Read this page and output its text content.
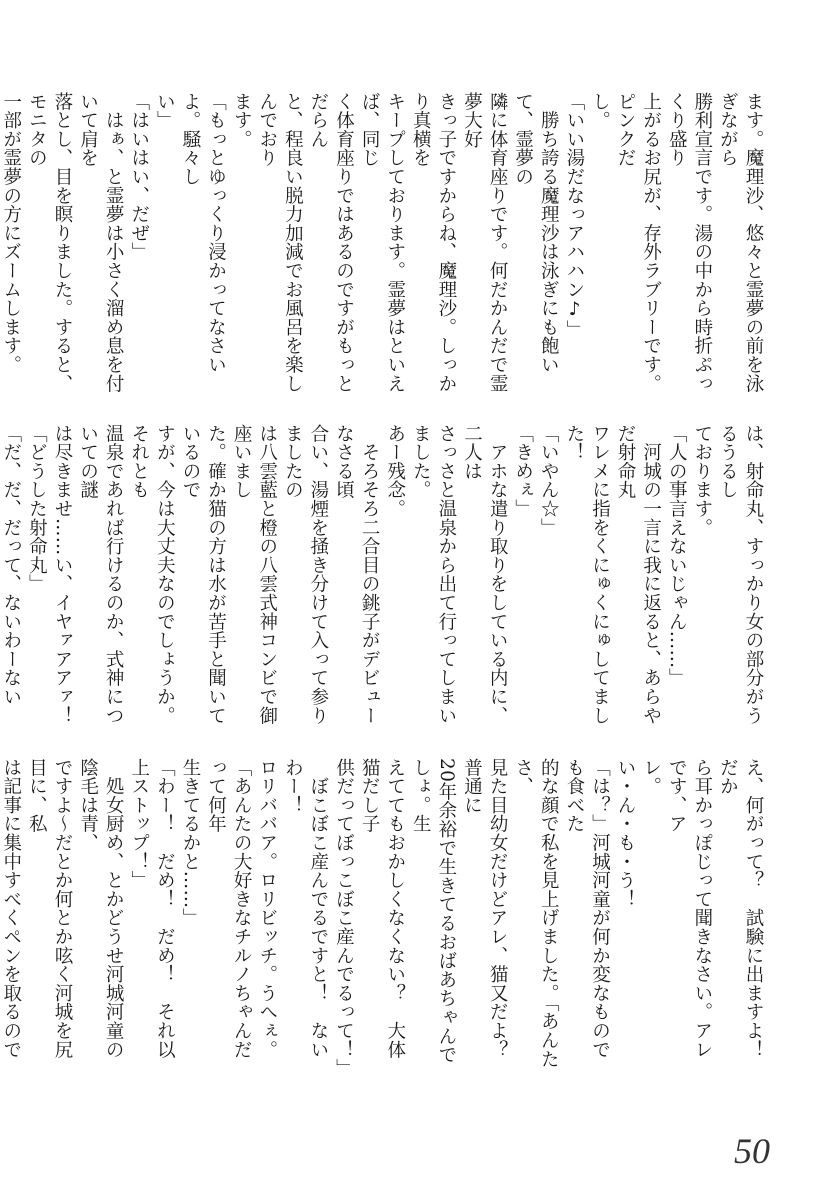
ます。魔理沙、悠々と霊夢の前を泳ぎながら

勝利宣言です。湯の中から時折ぷっくり盛り

上がるお尻が、存外ラブリーです。ピンクだ

し。

「いい湯だなっアハハン♪」

　勝ち誇る魔理沙は泳ぎにも飽いて、霊夢の

隣に体育座りです。何だかんだで霊夢大好

きっ子ですからね、魔理沙。しっかり真横を

キープしております。霊夢はといえば、同じ

く体育座りではあるのですがもっとだらん

と、程良い脱力加減でお風呂を楽しんでおり

ます。

「もっとゆっくり浸かってなさいよ。騒々し

い」

「はいはい、だぜ」

　はぁ、と霊夢は小さく溜め息を付いて肩を

落とし、目を瞑りました。すると、モニタの

一部が霊夢の方にズームします。

は、射命丸、すっかり女の部分がうるうるし

ております。

「人の事言えないじゃん……」

　河城の一言に我に返ると、あらやだ射命丸

ワレメに指をくにゅくにゅしてました！

「いやん☆」

「きめぇ」

　アホな遣り取りをしている内に、二人は

さっさと温泉から出て行ってしまいました。

あー残念。

　そろそろ二合目の銚子がデビューなさる頃

合い、湯煙を掻き分けて入って参りましたの

は八雲藍と橙の八雲式神コンビで御座いまし

た。確か猫の方は水が苦手と聞いているので

すが、今は大丈夫なのでしょうか。それとも

温泉であれば行けるのか、式神についての謎

は尽きませ……い、イヤァアアァ！

「どうした射命丸」

「だ、だ、だって、ないわーない

え、何がって？　試験に出ますよ！　だか

ら耳かっぽじって聞きなさい。アレです、ア

レ。

い・ん・も・う！

「は？」河城河童が何か変なものでも食べた

的な顔で私を見上げました。「あんたさ、

見た目幼女だけどアレ、猫又だよ？　普通に

20年余裕で生きてるおばあちゃんでしょ。生

えててもおかしくなくない？　大体猫だし子

供だってぼっこぼこ産んでるって！」

　ぼこぼこ産んでるですと！　ないわー！

ロリババア。ロリビッチ。うへぇ。

「あんたの大好きなチルノちゃんだって何年

生きてるかと……」

「わー！　だめ！　だめ！　それ以上ストップ！」

　処女厨め、とかどうせ河城河童の陰毛は青、

ですよ～だとか何とか呟く河城を尻目に、私

は記事に集中すべくペンを取るので

50
